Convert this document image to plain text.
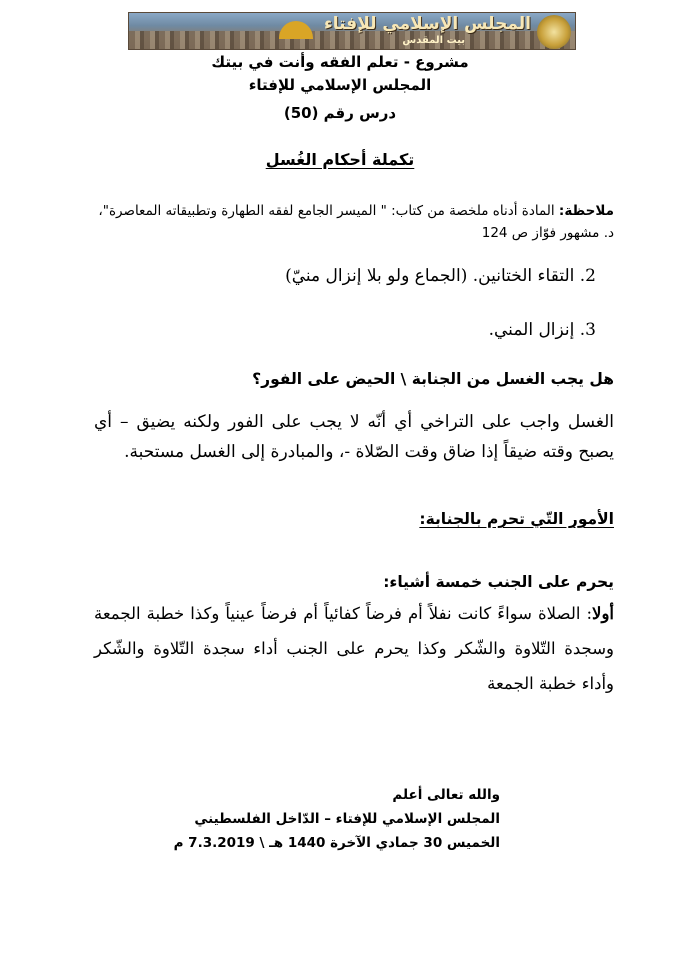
المجلس الإسلامي للإفتاء
بيت المقدس
مشروع - تعلم الفقه وأنت في بيتك
المجلس الإسلامي للإفتاء
درس رقم (50)
تكملة أحكام الغُسل
ملاحظة: المادة أدناه ملخصة من كتاب: " الميسر الجامع لفقه الطهارة وتطبيقاته المعاصرة"، د. مشهور فوّاز ص 124
2. التقاء الختانين. (الجماع ولو بلا إنزال منيّ)
3. إنزال المني.
هل يجب الغسل من الجنابة \ الحيض على الفور؟
الغسل واجب على التراخي أي أنّه لا يجب على الفور ولكنه يضيق – أي يصبح وقته ضيقاً إذا ضاق وقت الصّلاة -، والمبادرة إلى الغسل مستحبة.
الأمور التّي تحرم بالجنابة:
يحرم على الجنب خمسة أشياء:
أولا: الصلاة سواءً كانت نفلاً أم فرضاً كفائياً أم فرضاً عينياً وكذا خطبة الجمعة وسجدة التّلاوة والشّكر وكذا يحرم على الجنب أداء سجدة التّلاوة والشّكر وأداء خطبة الجمعة
والله تعالى أعلم
المجلس الإسلامي للإفتاء – الدّاخل الفلسطيني
الخميس 30 جمادي الآخرة 1440 هـ \ 7.3.2019 م
